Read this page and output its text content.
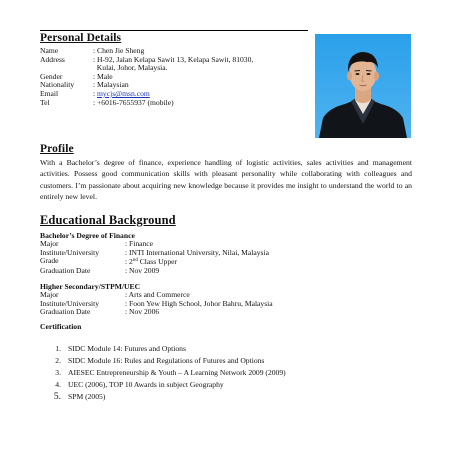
Personal Details
Name	: Chen Jie Sheng
Address	: H-92, Jalan Kelapa Sawit 13, Kelapa Sawit, 81030,
Kulai, Johor, Malaysia.
Gender	: Male
Nationality	: Malaysian
Email	: mycjs@msn.com
Tel	: +6016-7655937 (mobile)
Profile
With a Bachelor’s degree of finance, experience handling of logistic activities, sales activities and management activities. Possess good communication skills with pleasant personality while collaborating with colleagues and customers. I’m passionate about acquiring new knowledge because it provides me insight to understand the world to an entirely new level.
Educational Background
Bachelor’s Degree of Finance
Major	: Finance
Institute/University	: INTI International University, Nilai, Malaysia
Grade	: 2nd Class Upper
Graduation Date	: Nov 2009
Higher Secondary/STPM/UEC
Major	: Arts and Commerce
Institute/University	: Foon Yew High School, Johor Bahru, Malaysia
Graduation Date	: Nov 2006
Certification
1. SIDC Module 14: Futures and Options
2. SIDC Module 16: Rules and Regulations of Futures and Options
3. AIESEC Entrepreneurship & Youth – A Learning Network 2009 (2009)
4. UEC (2006), TOP 10 Awards in subject Geography
5. SPM (2005)
